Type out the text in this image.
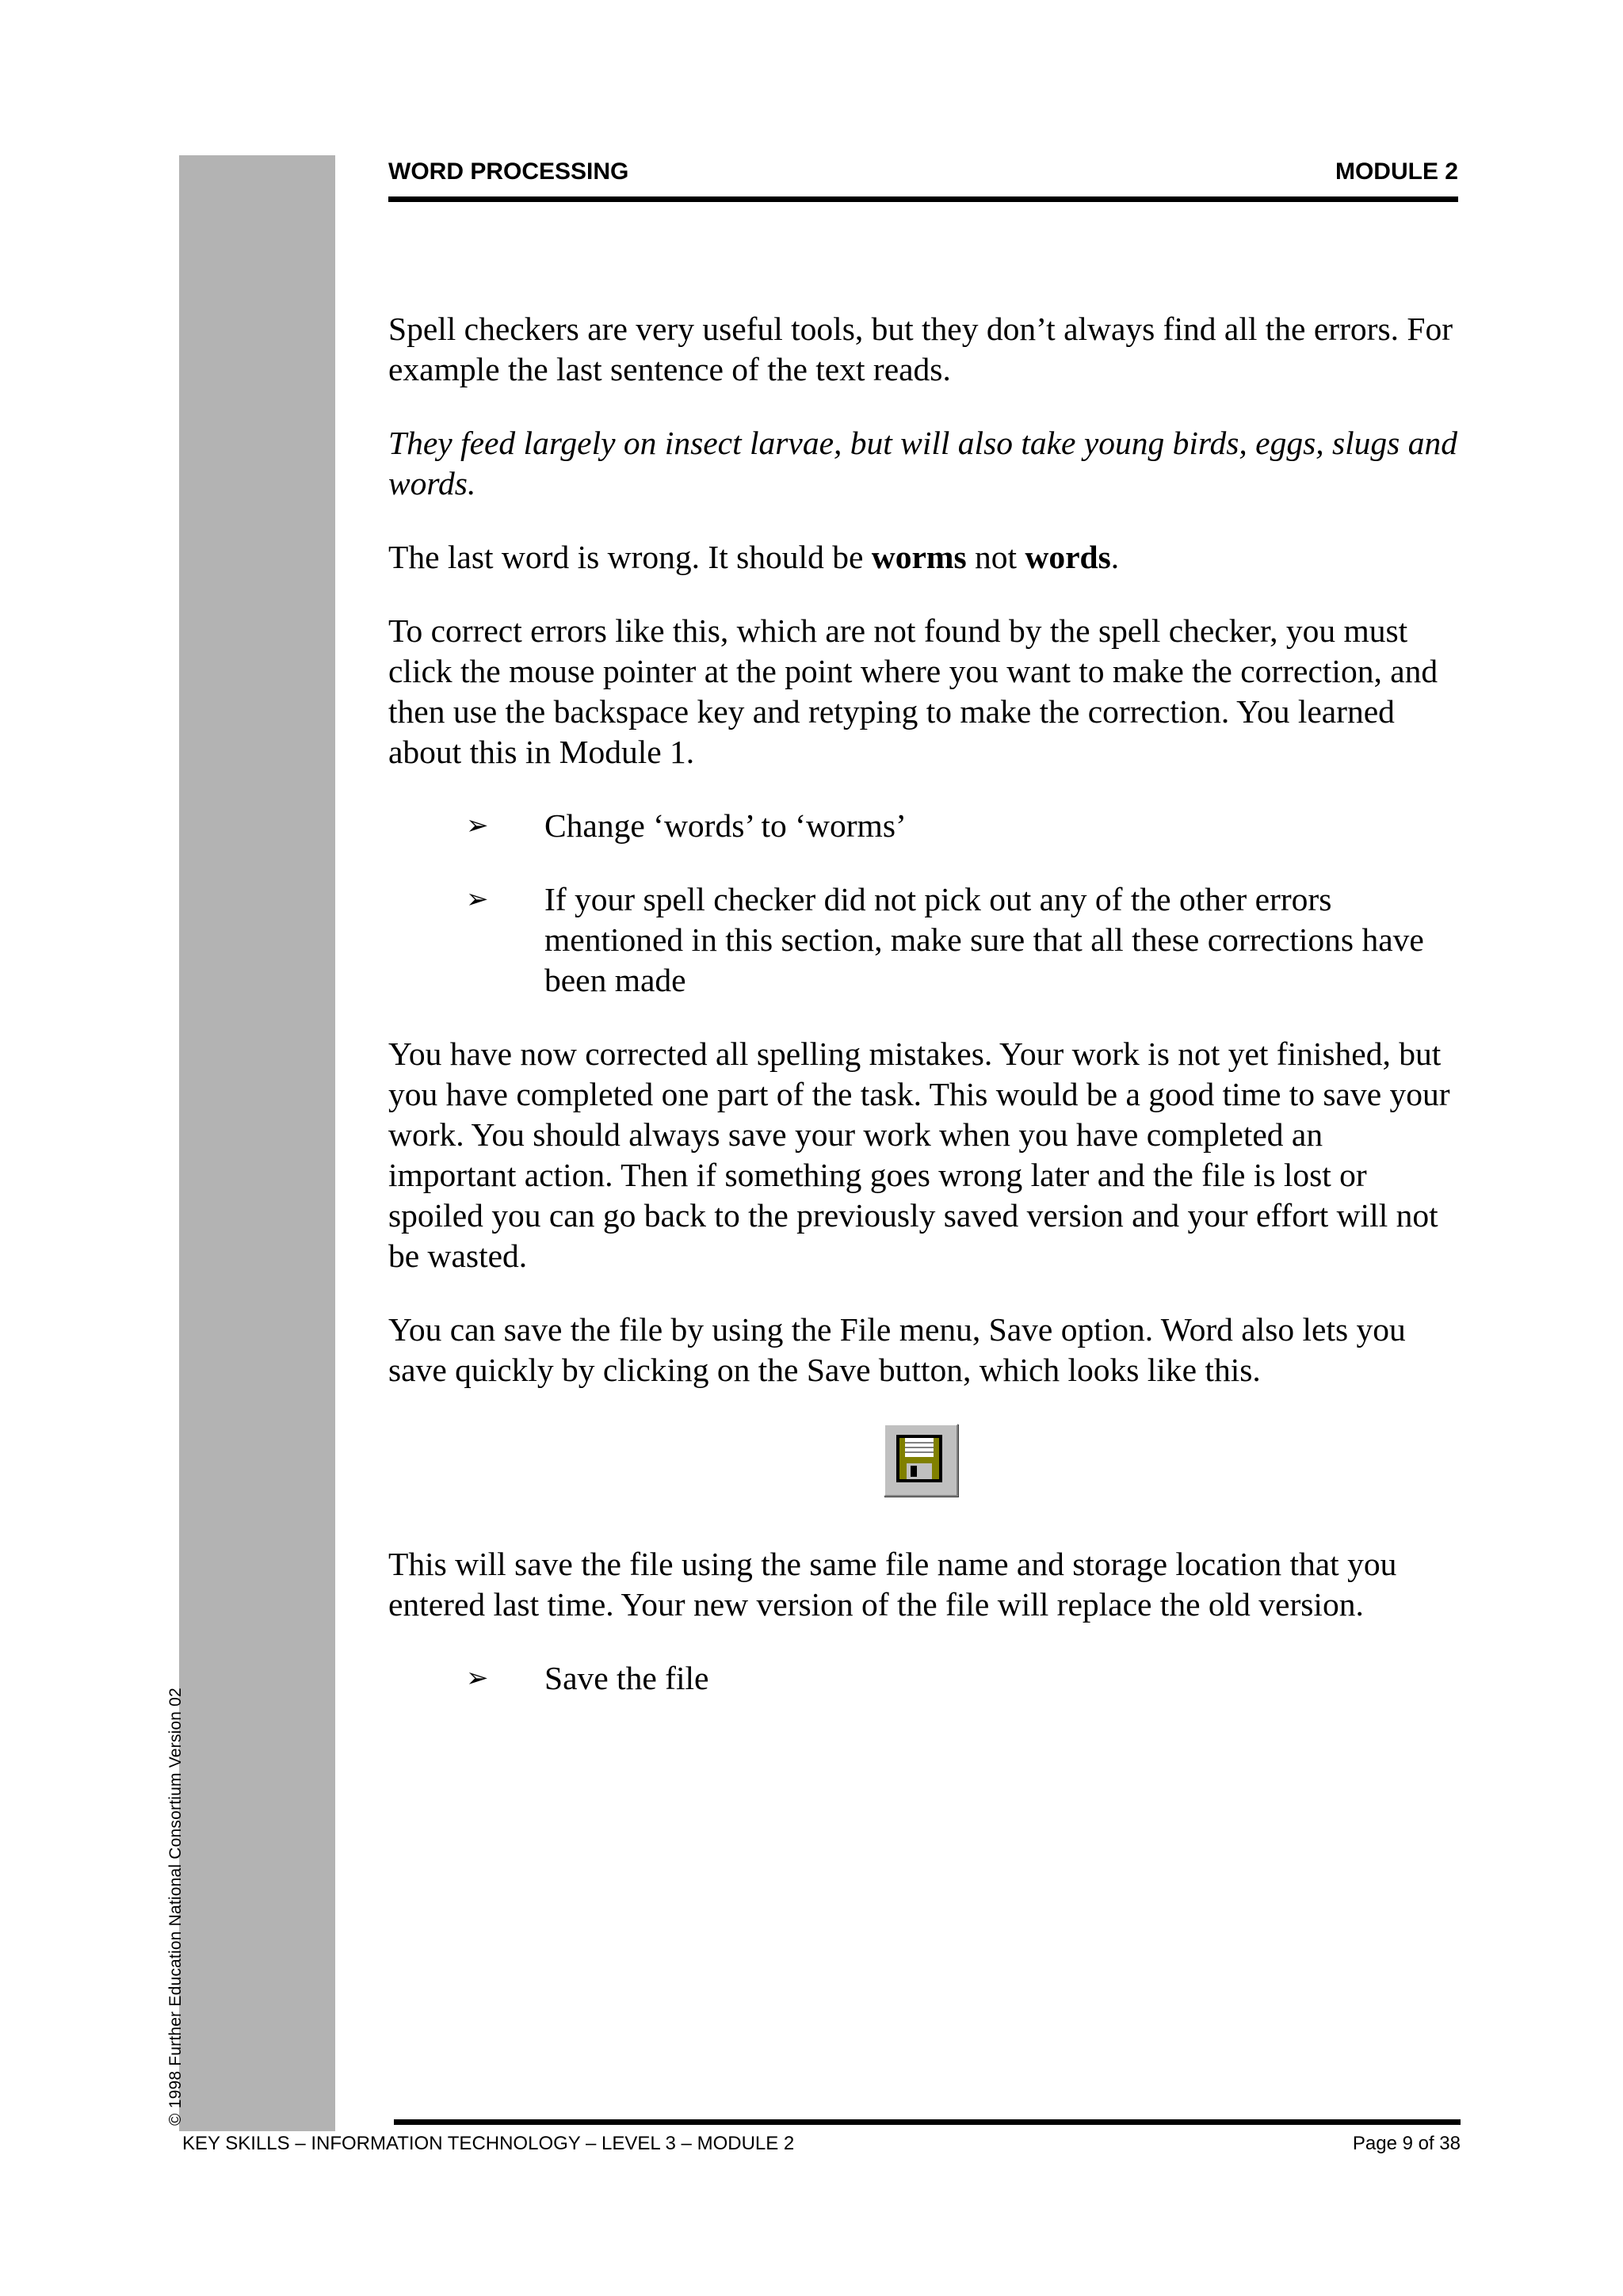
© 1998 Further Education National Consortium Version 02
WORD PROCESSING	MODULE 2

Spell checkers are very useful tools, but they don’t always find all the errors. For example the last sentence of the text reads.

They feed largely on insect larvae, but will also take young birds, eggs, slugs and words.

The last word is wrong. It should be worms not words.

To correct errors like this, which are not found by the spell checker, you must click the mouse pointer at the point where you want to make the correction, and then use the backspace key and retyping to make the correction. You learned about this in Module 1.

➢ Change ‘words’ to ‘worms’
➢ If your spell checker did not pick out any of the other errors mentioned in this section, make sure that all these corrections have been made

You have now corrected all spelling mistakes. Your work is not yet finished, but you have completed one part of the task. This would be a good time to save your work. You should always save your work when you have completed an important action. Then if something goes wrong later and the file is lost or spoiled you can go back to the previously saved version and your effort will not be wasted.

You can save the file by using the File menu, Save option. Word also lets you save quickly by clicking on the Save button, which looks like this.

This will save the file using the same file name and storage location that you entered last time. Your new version of the file will replace the old version.

➢ Save the file
KEY SKILLS – INFORMATION TECHNOLOGY – LEVEL 3 – MODULE 2	Page 9 of 38
